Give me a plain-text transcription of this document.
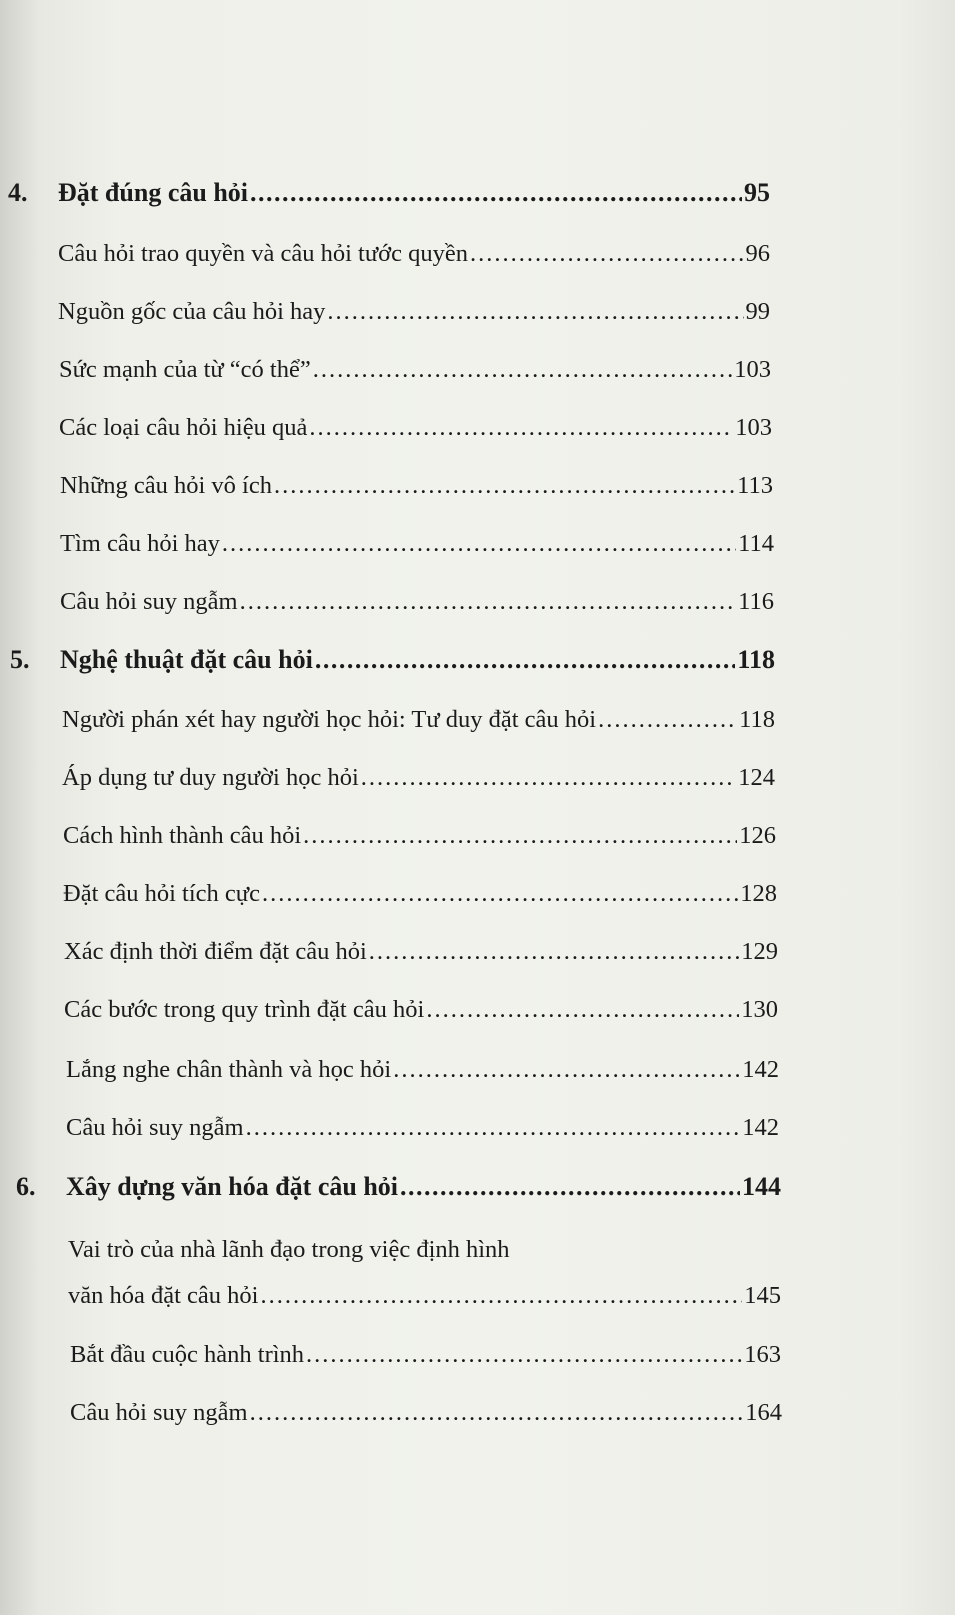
4.	Đặt đúng câu hỏi .....	95
Câu hỏi trao quyền và câu hỏi tước quyền .....	96
Nguồn gốc của câu hỏi hay .....	99
Sức mạnh của từ “có thể” .....	103
Các loại câu hỏi hiệu quả .....	103
Những câu hỏi vô ích .....	113
Tìm câu hỏi hay .....	114
Câu hỏi suy ngẫm .....	116
5.	Nghệ thuật đặt câu hỏi .....	118
Người phán xét hay người học hỏi: Tư duy đặt câu hỏi .....	118
Áp dụng tư duy người học hỏi .....	124
Cách hình thành câu hỏi .....	126
Đặt câu hỏi tích cực .....	128
Xác định thời điểm đặt câu hỏi .....	129
Các bước trong quy trình đặt câu hỏi .....	130
Lắng nghe chân thành và học hỏi .....	142
Câu hỏi suy ngẫm .....	142
6.	Xây dựng văn hóa đặt câu hỏi .....	144
Vai trò của nhà lãnh đạo trong việc định hình
văn hóa đặt câu hỏi .....	145
Bắt đầu cuộc hành trình .....	163
Câu hỏi suy ngẫm .....	164
